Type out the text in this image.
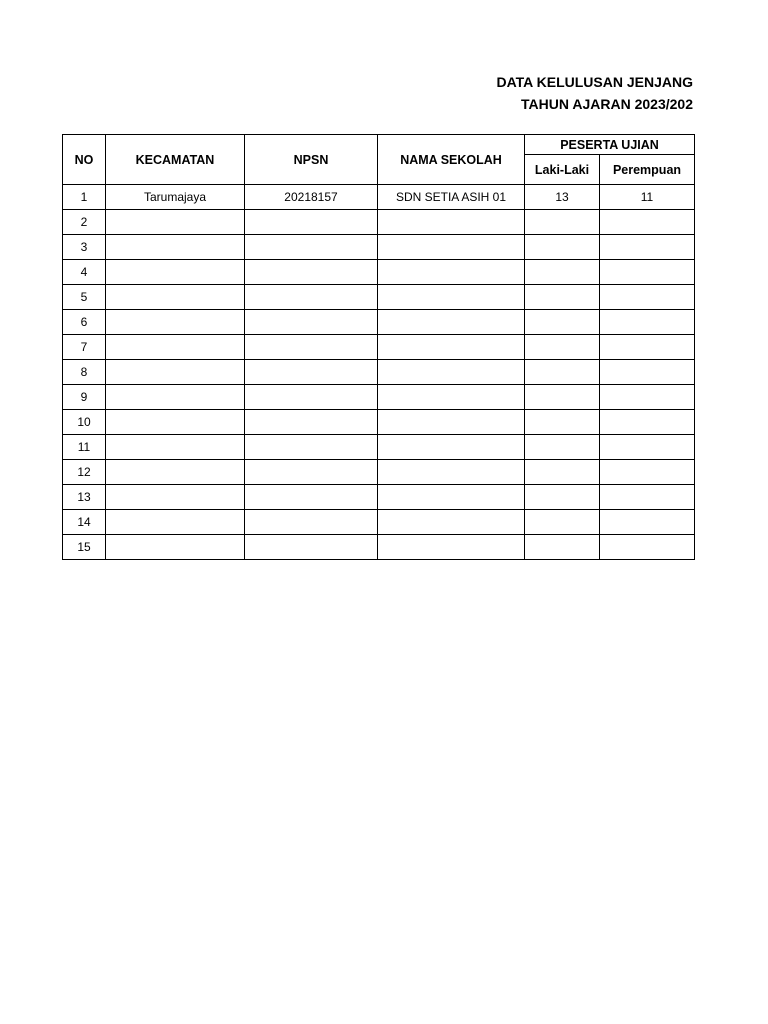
DATA KELULUSAN JENJANG
TAHUN AJARAN 2023/202
NO	KECAMATAN	NPSN	NAMA SEKOLAH	PESERTA UJIAN	
				Laki-Laki	Perempuan
1	Tarumajaya	20218157	SDN SETIA ASIH 01	13	11
2					
3					
4					
5					
6					
7					
8					
9					
10					
11					
12					
13					
14					
15					
